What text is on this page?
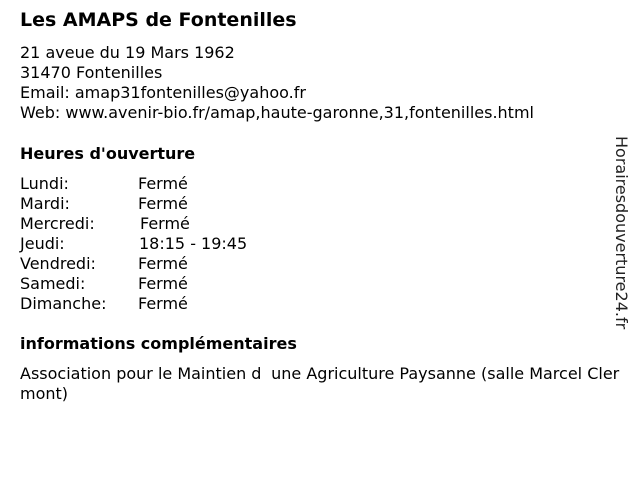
Les AMAPS de Fontenilles
21 aveue du 19 Mars 1962
31470 Fontenilles
Email: amap31fontenilles@yahoo.fr
Web: www.avenir-bio.fr/amap,haute-garonne,31,fontenilles.html
Heures d'ouverture
Lundi:	Fermé
Mardi:	Fermé
Mercredi:	Fermé
Jeudi:	18:15 - 19:45
Vendredi:	Fermé
Samedi:	Fermé
Dimanche: Fermé
informations complémentaires
Association pour le Maintien dune Agriculture Paysanne (salle Marcel Clermont)
Horairesdouverture24.fr
